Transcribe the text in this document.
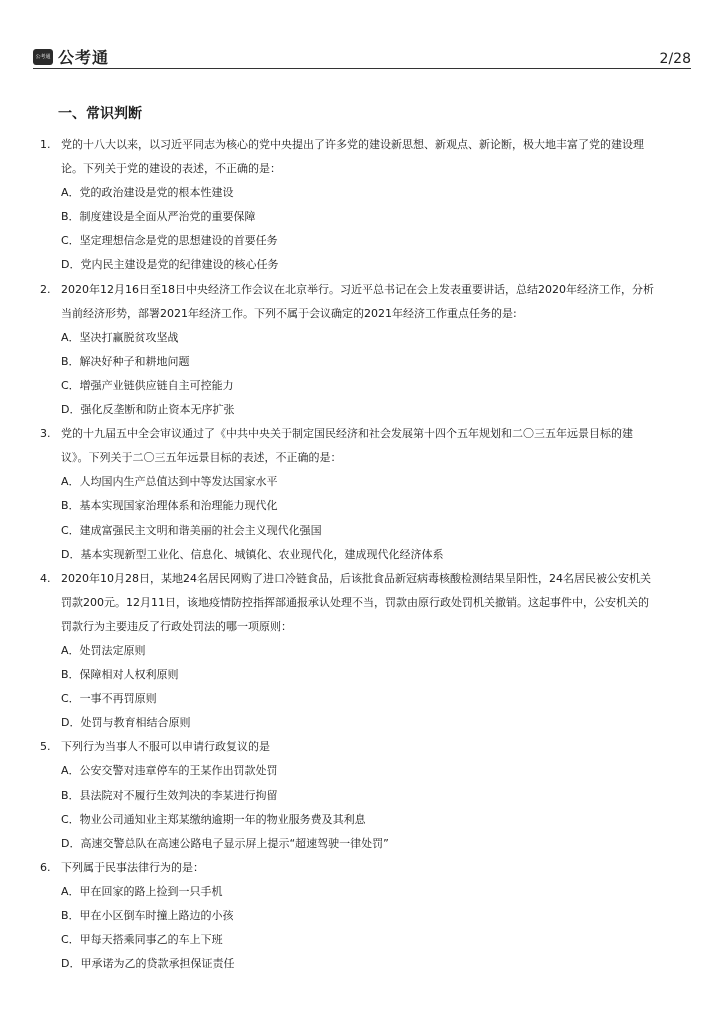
公考通 公考通	2/28
一、常识判断
1. 党的十八大以来，以习近平同志为核心的党中央提出了许多党的建设新思想、新观点、新论断，极大地丰富了党的建设理
论。下列关于党的建设的表述，不正确的是：
A．党的政治建设是党的根本性建设
B．制度建设是全面从严治党的重要保障
C．坚定理想信念是党的思想建设的首要任务
D．党内民主建设是党的纪律建设的核心任务
2. 2020年12月16日至18日中央经济工作会议在北京举行。习近平总书记在会上发表重要讲话，总结2020年经济工作，分析
当前经济形势，部署2021年经济工作。下列不属于会议确定的2021年经济工作重点任务的是:
A．坚决打赢脱贫攻坚战
B．解决好种子和耕地问题
C．增强产业链供应链自主可控能力
D．强化反垄断和防止资本无序扩张
3. 党的十九届五中全会审议通过了《中共中央关于制定国民经济和社会发展第十四个五年规划和二〇三五年远景目标的建
议》。下列关于二〇三五年远景目标的表述，不正确的是：
A．人均国内生产总值达到中等发达国家水平
B．基本实现国家治理体系和治理能力现代化
C．建成富强民主文明和谐美丽的社会主义现代化强国
D．基本实现新型工业化、信息化、城镇化、农业现代化，建成现代化经济体系
4. 2020年10月28日，某地24名居民网购了进口冷链食品，后该批食品新冠病毒核酸检测结果呈阳性，24名居民被公安机关
罚款200元。12月11日，该地疫情防控指挥部通报承认处理不当，罚款由原行政处罚机关撤销。这起事件中，公安机关的
罚款行为主要违反了行政处罚法的哪一项原则：
A．处罚法定原则
B．保障相对人权利原则
C．一事不再罚原则
D．处罚与教育相结合原则
5. 下列行为当事人不服可以申请行政复议的是
A．公安交警对违章停车的王某作出罚款处罚
B．县法院对不履行生效判决的李某进行拘留
C．物业公司通知业主郑某缴纳逾期一年的物业服务费及其利息
D．高速交警总队在高速公路电子显示屏上提示“超速驾驶一律处罚”
6. 下列属于民事法律行为的是：
A．甲在回家的路上捡到一只手机
B．甲在小区倒车时撞上路边的小孩
C．甲每天搭乘同事乙的车上下班
D．甲承诺为乙的贷款承担保证责任
